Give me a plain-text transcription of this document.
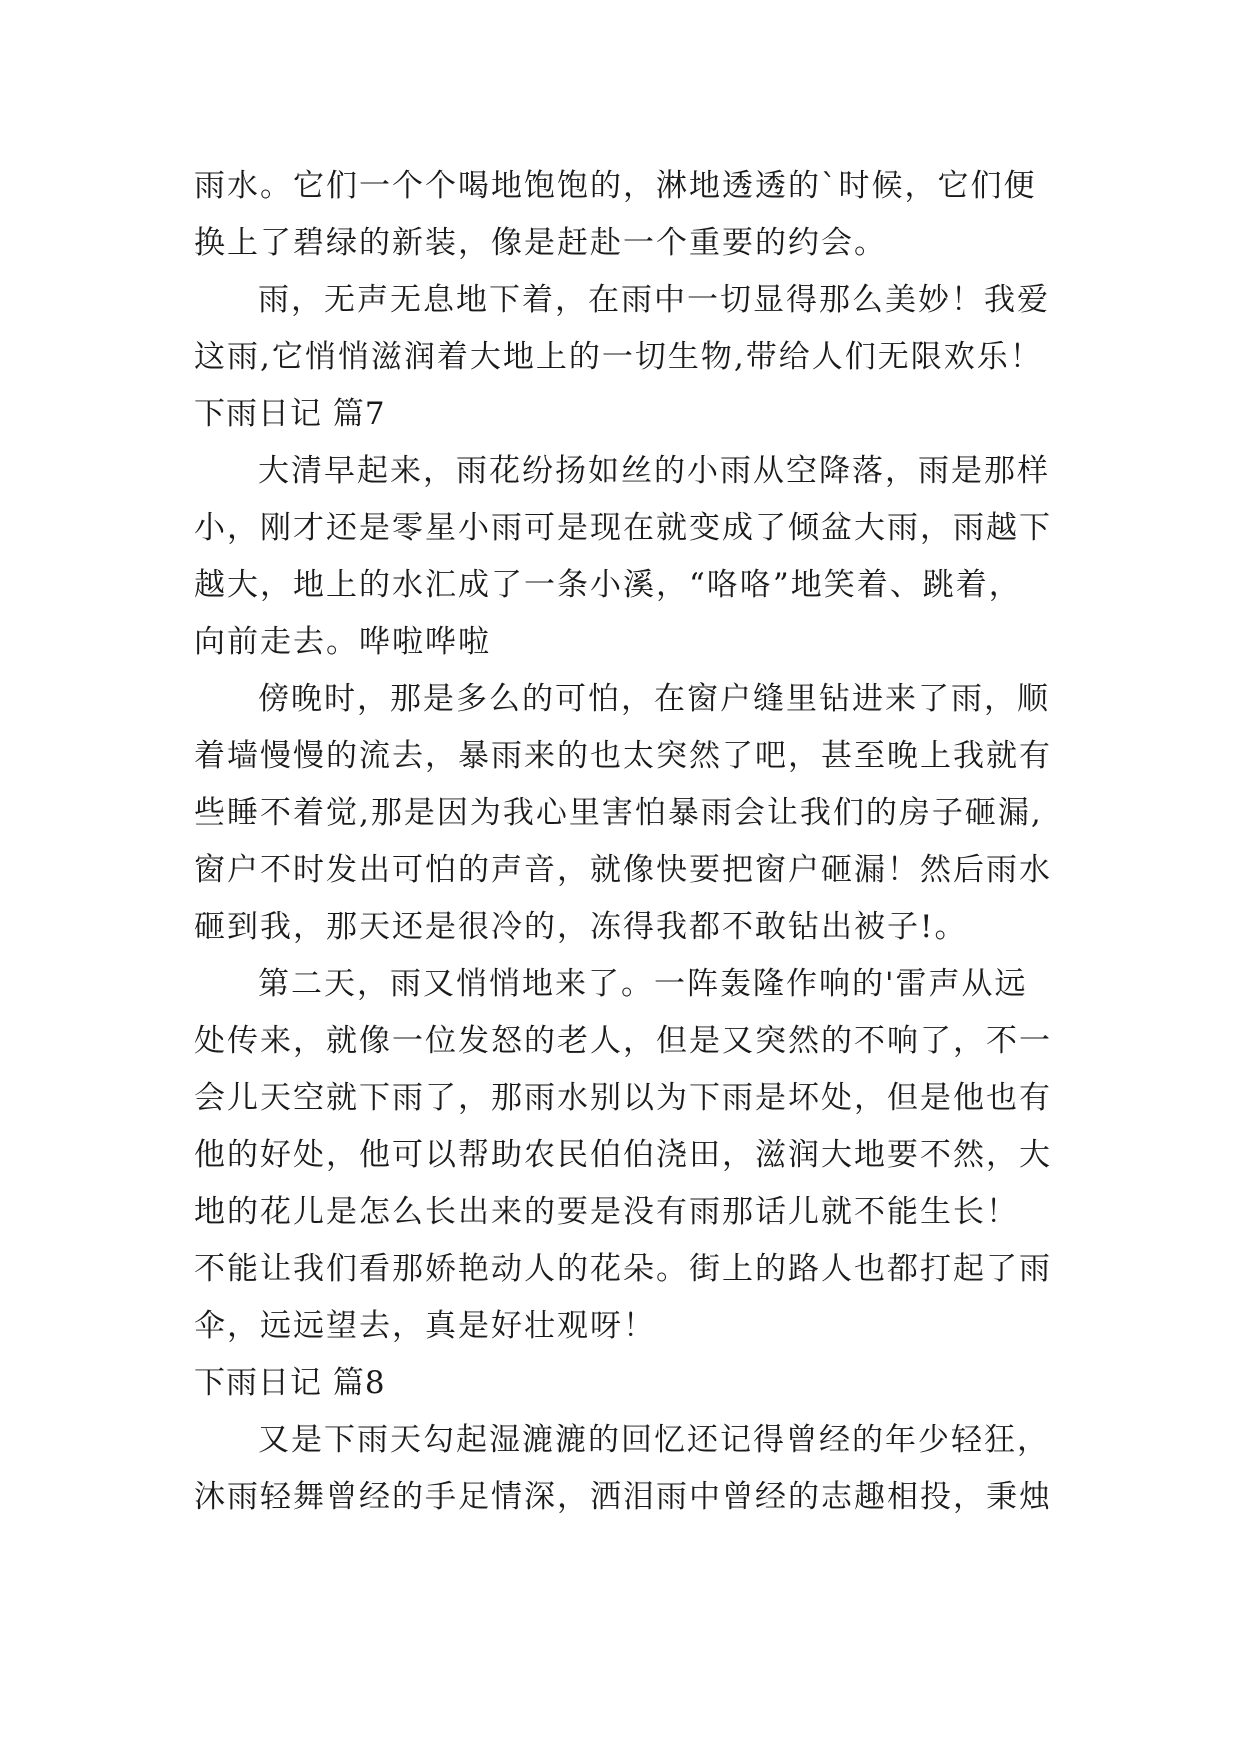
雨水。它们一个个喝地饱饱的，淋地透透的`时候，它们便
换上了碧绿的新装，像是赶赴一个重要的约会。
雨，无声无息地下着，在雨中一切显得那么美妙！我爱
这雨,它悄悄滋润着大地上的一切生物,带给人们无限欢乐！
下雨日记 篇7
大清早起来，雨花纷扬如丝的小雨从空降落，雨是那样
小，刚才还是零星小雨可是现在就变成了倾盆大雨，雨越下
越大，地上的水汇成了一条小溪，“咯咯”地笑着、跳着，
向前走去。哗啦哗啦
傍晚时，那是多么的可怕，在窗户缝里钻进来了雨，顺
着墙慢慢的流去，暴雨来的也太突然了吧，甚至晚上我就有
些睡不着觉,那是因为我心里害怕暴雨会让我们的房子砸漏,
窗户不时发出可怕的声音，就像快要把窗户砸漏！然后雨水
砸到我，那天还是很冷的，冻得我都不敢钻出被子!。
第二天，雨又悄悄地来了。一阵轰隆作响的'雷声从远
处传来，就像一位发怒的老人，但是又突然的不响了，不一
会儿天空就下雨了，那雨水别以为下雨是坏处，但是他也有
他的好处，他可以帮助农民伯伯浇田，滋润大地要不然，大
地的花儿是怎么长出来的要是没有雨那话儿就不能生长！
不能让我们看那娇艳动人的花朵。街上的路人也都打起了雨
伞，远远望去，真是好壮观呀！
下雨日记 篇8
又是下雨天勾起湿漉漉的回忆还记得曾经的年少轻狂，
沐雨轻舞曾经的手足情深，洒泪雨中曾经的志趣相投，秉烛
